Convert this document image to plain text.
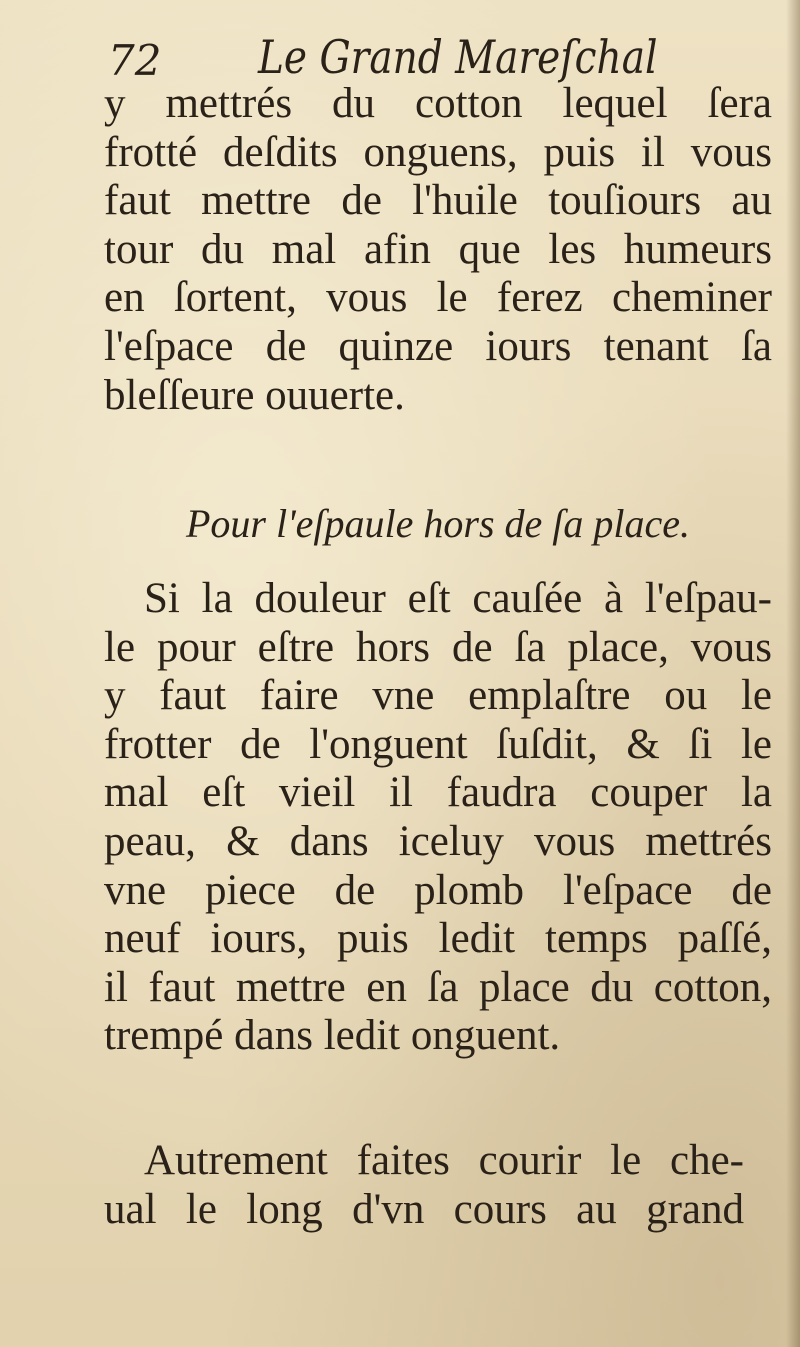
72 Le Grand Mareſchal
y mettrés du cotton lequel ſera
frotté deſdits onguens, puis il vous
faut mettre de l'huile touſiours au
tour du mal afin que les humeurs
en ſortent, vous le ferez cheminer
l'eſpace de quinze iours tenant ſa
bleſſeure ouuerte.
Pour l'eſpaule hors de ſa place.
Si la douleur eſt cauſée à l'eſpau-
le pour eſtre hors de ſa place, vous
y faut faire vne emplaſtre ou le
frotter de l'onguent ſuſdit, & ſi le
mal eſt vieil il faudra couper la
peau, & dans iceluy vous mettrés
vne piece de plomb l'eſpace de
neuf iours, puis ledit temps paſſé,
il faut mettre en ſa place du cotton,
trempé dans ledit onguent.
Autrement faites courir le che-
ual le long d'vn cours au grand
